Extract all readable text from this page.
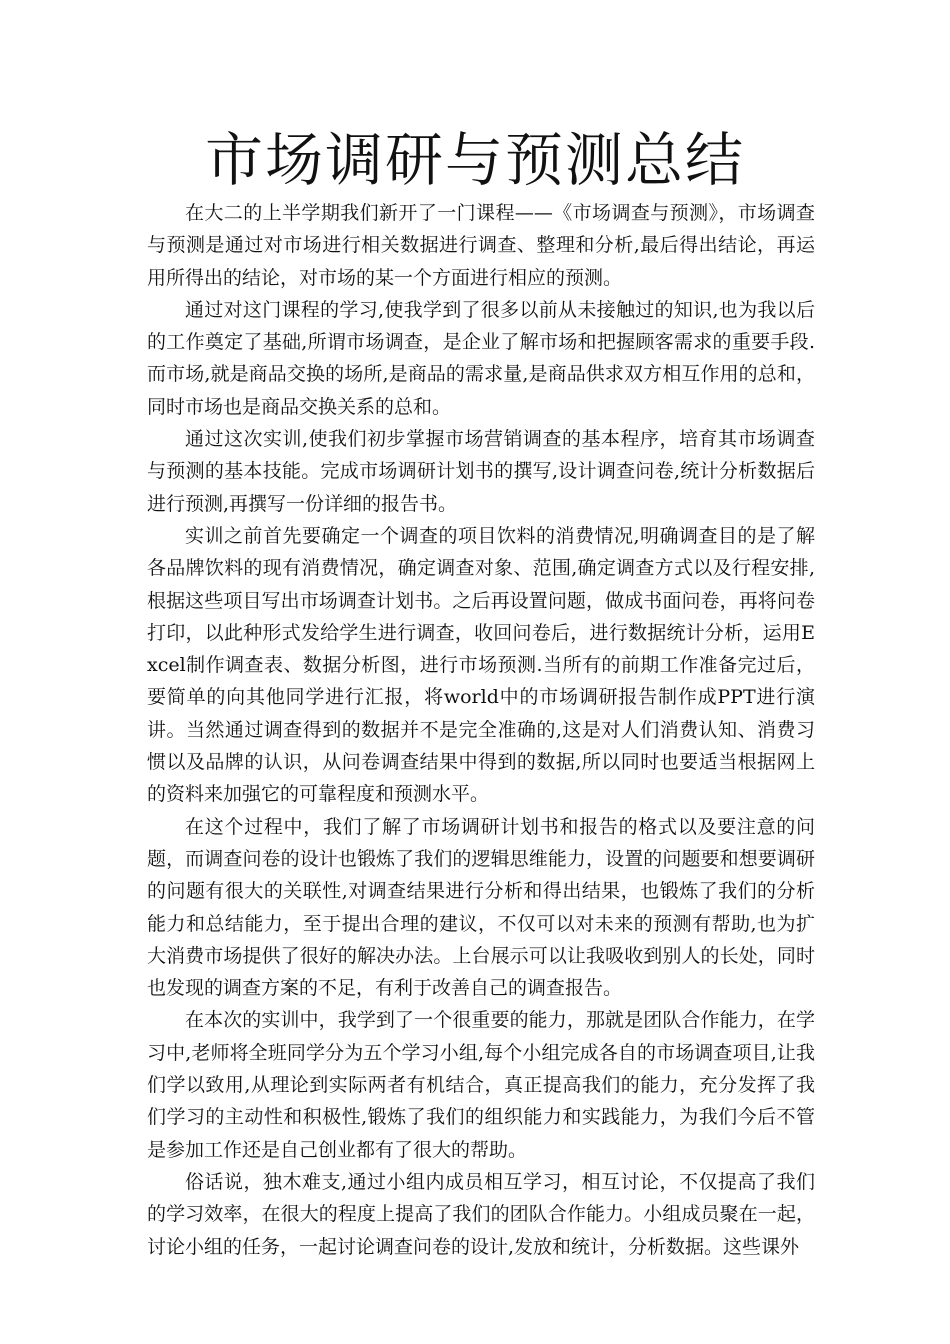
市场调研与预测总结

在大二的上半学期我们新开了一门课程——《市场调查与预测》，市场调查与预测是通过对市场进行相关数据进行调查、整理和分析,最后得出结论，再运用所得出的结论，对市场的某一个方面进行相应的预测。

通过对这门课程的学习,使我学到了很多以前从未接触过的知识,也为我以后的工作奠定了基础,所谓市场调查，是企业了解市场和把握顾客需求的重要手段.而市场,就是商品交换的场所,是商品的需求量,是商品供求双方相互作用的总和，同时市场也是商品交换关系的总和。

通过这次实训,使我们初步掌握市场营销调查的基本程序，培育其市场调查与预测的基本技能。完成市场调研计划书的撰写,设计调查问卷,统计分析数据后进行预测,再撰写一份详细的报告书。

实训之前首先要确定一个调查的项目饮料的消费情况,明确调查目的是了解各品牌饮料的现有消费情况，确定调查对象、范围,确定调查方式以及行程安排,根据这些项目写出市场调查计划书。之后再设置问题，做成书面问卷，再将问卷打印，以此种形式发给学生进行调查，收回问卷后，进行数据统计分析，运用Excel制作调查表、数据分析图，进行市场预测.当所有的前期工作准备完过后，要简单的向其他同学进行汇报，将world中的市场调研报告制作成PPT进行演讲。当然通过调查得到的数据并不是完全准确的,这是对人们消费认知、消费习惯以及品牌的认识，从问卷调查结果中得到的数据,所以同时也要适当根据网上的资料来加强它的可靠程度和预测水平。

在这个过程中，我们了解了市场调研计划书和报告的格式以及要注意的问题，而调查问卷的设计也锻炼了我们的逻辑思维能力，设置的问题要和想要调研的问题有很大的关联性,对调查结果进行分析和得出结果，也锻炼了我们的分析能力和总结能力，至于提出合理的建议，不仅可以对未来的预测有帮助,也为扩大消费市场提供了很好的解决办法。上台展示可以让我吸收到别人的长处，同时也发现的调查方案的不足，有利于改善自己的调查报告。

在本次的实训中，我学到了一个很重要的能力，那就是团队合作能力，在学习中,老师将全班同学分为五个学习小组,每个小组完成各自的市场调查项目,让我们学以致用,从理论到实际两者有机结合，真正提高我们的能力，充分发挥了我们学习的主动性和积极性,锻炼了我们的组织能力和实践能力，为我们今后不管是参加工作还是自己创业都有了很大的帮助。

俗话说，独木难支,通过小组内成员相互学习，相互讨论，不仅提高了我们的学习效率，在很大的程度上提高了我们的团队合作能力。小组成员聚在一起，讨论小组的任务，一起讨论调查问卷的设计,发放和统计，分析数据。这些课外
